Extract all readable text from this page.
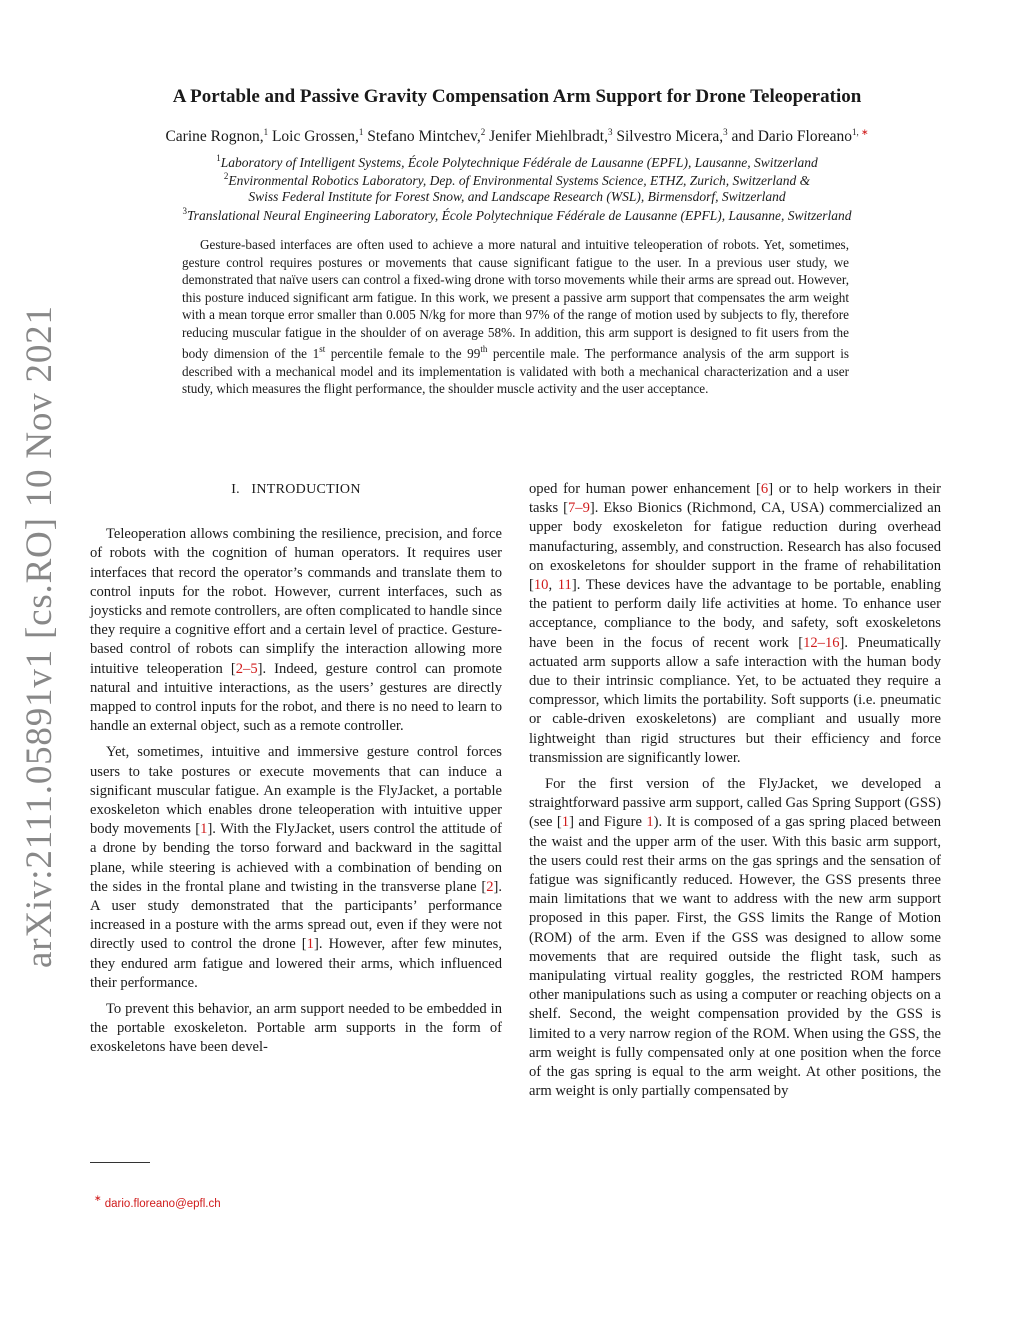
arXiv:2111.05891v1 [cs.RO] 10 Nov 2021
A Portable and Passive Gravity Compensation Arm Support for Drone Teleoperation
Carine Rognon,$^1$ Loic Grossen,$^1$ Stefano Mintchev,$^2$ Jenifer Miehlbradt,$^3$ Silvestro Micera,$^3$ and Dario Floreano$^{1, ∗}$
$^1$Laboratory of Intelligent Systems, École Polytechnique Fédérale de Lausanne (EPFL), Lausanne, Switzerland
$^2$Environmental Robotics Laboratory, Dep. of Environmental Systems Science, ETHZ, Zurich, Switzerland &
Swiss Federal Institute for Forest Snow, and Landscape Research (WSL), Birmensdorf, Switzerland
$^3$Translational Neural Engineering Laboratory, École Polytechnique Fédérale de Lausanne (EPFL), Lausanne, Switzerland
Gesture-based interfaces are often used to achieve a more natural and intuitive teleoperation of robots. Yet, sometimes, gesture control requires postures or movements that cause significant fatigue to the user. In a previous user study, we demonstrated that naïve users can control a fixed-wing drone with torso movements while their arms are spread out. However, this posture induced significant arm fatigue. In this work, we present a passive arm support that compensates the arm weight with a mean torque error smaller than 0.005 N/kg for more than 97% of the range of motion used by subjects to fly, therefore reducing muscular fatigue in the shoulder of on average 58%. In addition, this arm support is designed to fit users from the body dimension of the 1st percentile female to the 99th percentile male. The performance analysis of the arm support is described with a mechanical model and its implementation is validated with both a mechanical characterization and a user study, which measures the flight performance, the shoulder muscle activity and the user acceptance.
I. INTRODUCTION

Teleoperation allows combining the resilience, precision, and force of robots with the cognition of human operators. It requires user interfaces that record the operator’s commands and translate them to control inputs for the robot. However, current interfaces, such as joysticks and remote controllers, are often complicated to handle since they require a cognitive effort and a certain level of practice. Gesture-based control of robots can simplify the interaction allowing more intuitive teleoperation [2–5]. Indeed, gesture control can promote natural and intuitive interactions, as the users’ gestures are directly mapped to control inputs for the robot, and there is no need to learn to handle an external object, such as a remote controller.

Yet, sometimes, intuitive and immersive gesture control forces users to take postures or execute movements that can induce a significant muscular fatigue. An example is the FlyJacket, a portable exoskeleton which enables drone teleoperation with intuitive upper body movements [1]. With the FlyJacket, users control the attitude of a drone by bending the torso forward and backward in the sagittal plane, while steering is achieved with a combination of bending on the sides in the frontal plane and twisting in the transverse plane [2]. A user study demonstrated that the participants’ performance increased in a posture with the arms spread out, even if they were not directly used to control the drone [1]. However, after few minutes, they endured arm fatigue and lowered their arms, which influenced their performance.

To prevent this behavior, an arm support needed to be embedded in the portable exoskeleton. Portable arm supports in the form of exoskeletons have been devel-

oped for human power enhancement [6] or to help workers in their tasks [7–9]. Ekso Bionics (Richmond, CA, USA) commercialized an upper body exoskeleton for fatigue reduction during overhead manufacturing, assembly, and construction. Research has also focused on exoskeletons for shoulder support in the frame of rehabilitation [10, 11]. These devices have the advantage to be portable, enabling the patient to perform daily life activities at home. To enhance user acceptance, compliance to the body, and safety, soft exoskeletons have been in the focus of recent work [12–16]. Pneumatically actuated arm supports allow a safe interaction with the human body due to their intrinsic compliance. Yet, to be actuated they require a compressor, which limits the portability. Soft supports (i.e. pneumatic or cable-driven exoskeletons) are compliant and usually more lightweight than rigid structures but their efficiency and force transmission are significantly lower.

For the first version of the FlyJacket, we developed a straightforward passive arm support, called Gas Spring Support (GSS) (see [1] and Figure 1). It is composed of a gas spring placed between the waist and the upper arm of the user. With this basic arm support, the users could rest their arms on the gas springs and the sensation of fatigue was significantly reduced. However, the GSS presents three main limitations that we want to address with the new arm support proposed in this paper. First, the GSS limits the Range of Motion (ROM) of the arm. Even if the GSS was designed to allow some movements that are required outside the flight task, such as manipulating virtual reality goggles, the restricted ROM hampers other manipulations such as using a computer or reaching objects on a shelf. Second, the weight compensation provided by the GSS is limited to a very narrow region of the ROM. When using the GSS, the arm weight is fully compensated only at one position when the force of the gas spring is equal to the arm weight. At other positions, the arm weight is only partially compensated by

∗ dario.floreano@epfl.ch
